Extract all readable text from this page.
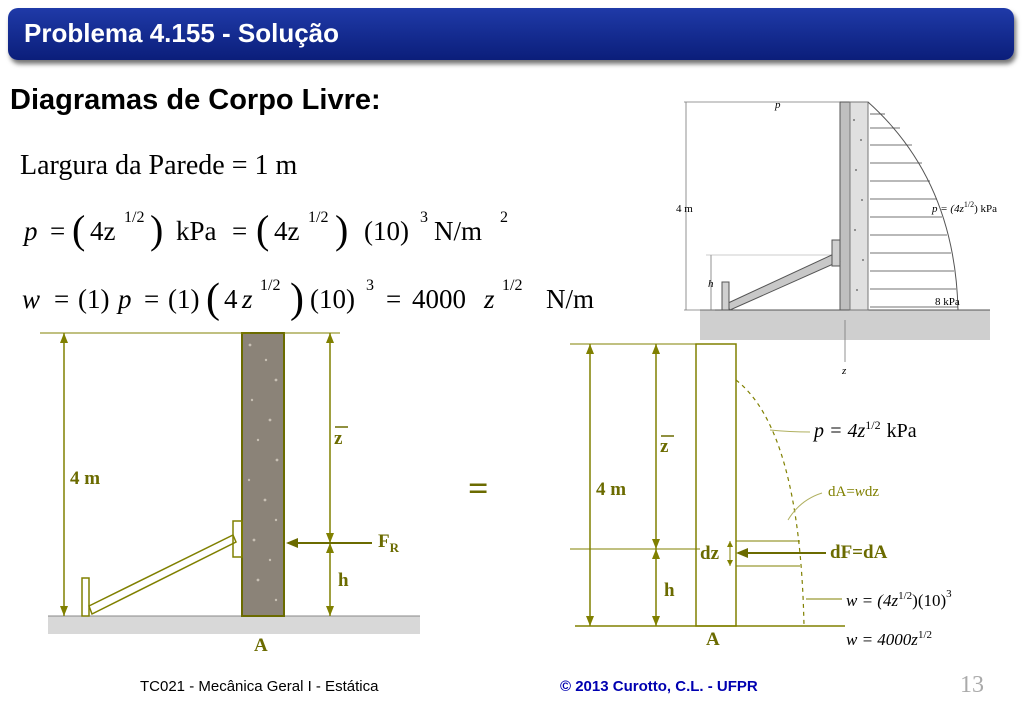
Problema 4.155 - Solução
Diagramas de Corpo Livre:
Largura da Parede = 1 m
p = ( 4z 1/2 ) kPa = ( 4z 1/2 ) (10) 3 N/m 2
w = (1) p = (1) ( 4 z 1/2 ) (10) 3 = 4000 z 1/2 N/m
p
4 m
h
$p = (4z^{1/2})$ kPa
8 kPa
z
4 m
z
$F_R$
h
A
=	4 m
z
h
dz	dF=dA
$p = 4z^{1/2}$ kPa
dA=wdz
$w = (4z^{1/2})(10)^3$
$w = 4000z^{1/2}$
A
TC021 - Mecânica Geral I - Estática	© 2013 Curotto, C.L. - UFPR	13
